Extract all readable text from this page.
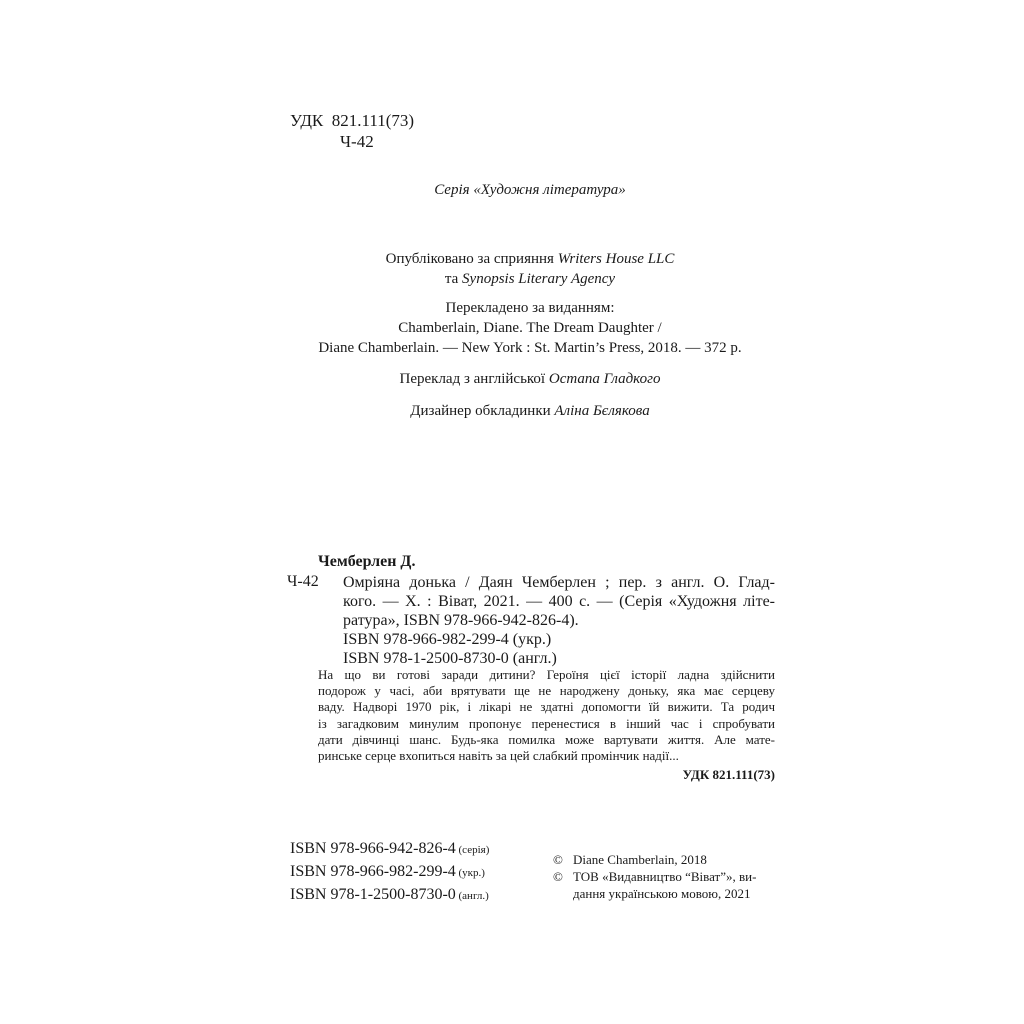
УДК 821.111(73)
Ч-42
Серія «Художня література»
Опубліковано за сприяння Writers House LLC
та Synopsis Literary Agency
Перекладено за виданням:
Chamberlain, Diane. The Dream Daughter /
Diane Chamberlain. — New York : St. Martin’s Press, 2018. — 372 p.
Переклад з англійської Остапа Гладкого
Дизайнер обкладинки Аліна Бєлякова
Чемберлен Д.
Ч-42 Омріяна донька / Даян Чемберлен ; пер. з англ. О. Глад-
кого. — Х. : Віват, 2021. — 400 с. — (Серія «Художня літе-
ратура», ISBN 978-966-942-826-4).
ISBN 978-966-982-299-4 (укр.)
ISBN 978-1-2500-8730-0 (англ.)
На що ви готові заради дитини? Героїня цієї історії ладна здійснити
подорож у часі, аби врятувати ще не народжену доньку, яка має серцеву
ваду. Надворі 1970 рік, і лікарі не здатні допомогти їй вижити. Та родич
із загадковим минулим пропонує перенестися в інший час і спробувати
дати дівчинці шанс. Будь-яка помилка може вартувати життя. Але мате-
ринське серце вхопиться навіть за цей слабкий промінчик надії...
УДК 821.111(73)
ISBN 978-966-942-826-4 (серія)
ISBN 978-966-982-299-4 (укр.)
ISBN 978-1-2500-8730-0 (англ.)
© Diane Chamberlain, 2018
© ТОВ «Видавництво “Віват”», ви-
дання українською мовою, 2021
